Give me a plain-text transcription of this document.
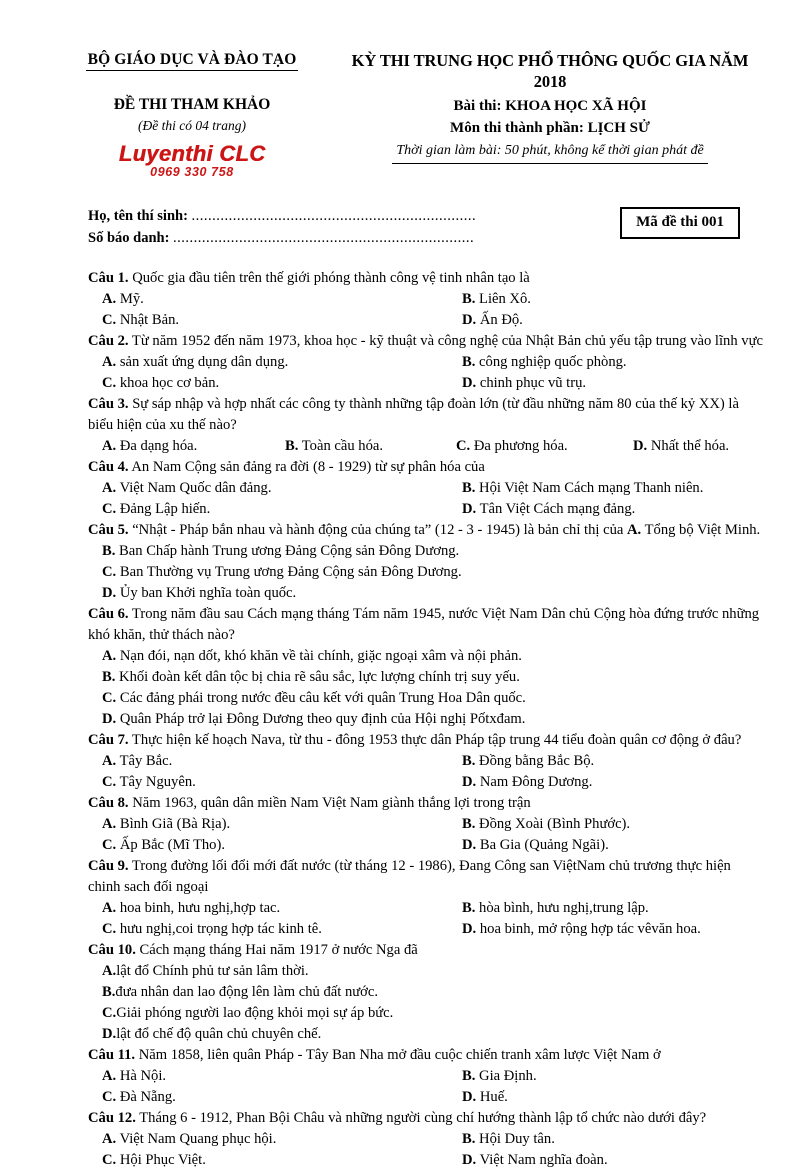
BỘ GIÁO DỤC VÀ ĐÀO TẠO
ĐỀ THI THAM KHẢO
(Đề thi có 04 trang)
Luyenthi CLC
0969 330 758
KỲ THI TRUNG HỌC PHỔ THÔNG QUỐC GIA NĂM 2018
Bài thi: KHOA HỌC XÃ HỘI
Môn thi thành phần: LỊCH SỬ
Thời gian làm bài: 50 phút, không kể thời gian phát đề
Họ, tên thí sinh: .....................................................................
Số báo danh: .........................................................................
Mã đề thi 001
Câu 1. Quốc gia đầu tiên trên thế giới phóng thành công vệ tinh nhân tạo là
A. Mỹ.	B. Liên Xô.
C. Nhật Bản.	D. Ấn Độ.
Câu 2. Từ năm 1952 đến năm 1973, khoa học - kỹ thuật và công nghệ của Nhật Bản chủ yếu tập trung vào lĩnh vực
A. sản xuất ứng dụng dân dụng.	B. công nghiệp quốc phòng.
C. khoa học cơ bản.	D. chinh phục vũ trụ.
Câu 3. Sự sáp nhập và hợp nhất các công ty thành những tập đoàn lớn (từ đầu những năm 80 của thế kỷ XX) là biểu hiện của xu thế nào?
A. Đa dạng hóa.	B. Toàn cầu hóa.	C. Đa phương hóa.	D. Nhất thể hóa.
Câu 4. An Nam Cộng sản đảng ra đời (8 - 1929) từ sự phân hóa của
A. Việt Nam Quốc dân đảng.	B. Hội Việt Nam Cách mạng Thanh niên.
C. Đảng Lập hiến.	D. Tân Việt Cách mạng đảng.
Câu 5. “Nhật - Pháp bắn nhau và hành động của chúng ta” (12 - 3 - 1945) là bản chỉ thị của A. Tổng bộ Việt Minh.
B. Ban Chấp hành Trung ương Đảng Cộng sản Đông Dương.
C. Ban Thường vụ Trung ương Đảng Cộng sản Đông Dương.
D. Ủy ban Khởi nghĩa toàn quốc.
Câu 6. Trong năm đầu sau Cách mạng tháng Tám năm 1945, nước Việt Nam Dân chủ Cộng hòa đứng trước những khó khăn, thử thách nào?
A. Nạn đói, nạn dốt, khó khăn về tài chính, giặc ngoại xâm và nội phản.
B. Khối đoàn kết dân tộc bị chia rẽ sâu sắc, lực lượng chính trị suy yếu.
C. Các đảng phái trong nước đều câu kết với quân Trung Hoa Dân quốc.
D. Quân Pháp trở lại Đông Dương theo quy định của Hội nghị Pốtxđam.
Câu 7. Thực hiện kế hoạch Nava, từ thu - đông 1953 thực dân Pháp tập trung 44 tiểu đoàn quân cơ động ở đâu?
A. Tây Bắc.	B. Đồng bằng Bắc Bộ.
C. Tây Nguyên.	D. Nam Đông Dương.
Câu 8. Năm 1963, quân dân miền Nam Việt Nam giành thắng lợi trong trận
A. Bình Giã (Bà Rịa).	B. Đồng Xoài (Bình Phước).
C. Ấp Bắc (Mĩ Tho).	D. Ba Gia (Quảng Ngãi).
Câu 9. Trong đường lối đổi mới đất nước (từ tháng 12 - 1986), Đang Công san ViệtNam chủ trương thực hiện chinh sach đối ngoại
A. hoa binh, hưu nghị,hợp tac.	B. hòa bình, hưu nghị,trung lập.
C. hưu nghị,coi trọng hợp tác kinh tê.	D. hoa binh, mở rộng hợp tác vêvăn hoa.
Câu 10. Cách mạng tháng Hai năm 1917 ở nước Nga đã
A.lật đổ Chính phủ tư sản lâm thời.
B.đưa nhân dan lao động lên làm chủ đất nước.
C.Giải phóng người lao động khỏi mọi sự áp bức.
D.lật đổ chế độ quân chủ chuyên chế.
Câu 11. Năm 1858, liên quân Pháp - Tây Ban Nha mở đầu cuộc chiến tranh xâm lược Việt Nam ở
A. Hà Nội.	B. Gia Định.
C. Đà Nẵng.	D. Huế.
Câu 12. Tháng 6 - 1912, Phan Bội Châu và những người cùng chí hướng thành lập tổ chức nào dưới đây?
A. Việt Nam Quang phục hội.	B. Hội Duy tân.
C. Hội Phục Việt.	D. Việt Nam nghĩa đoàn.
